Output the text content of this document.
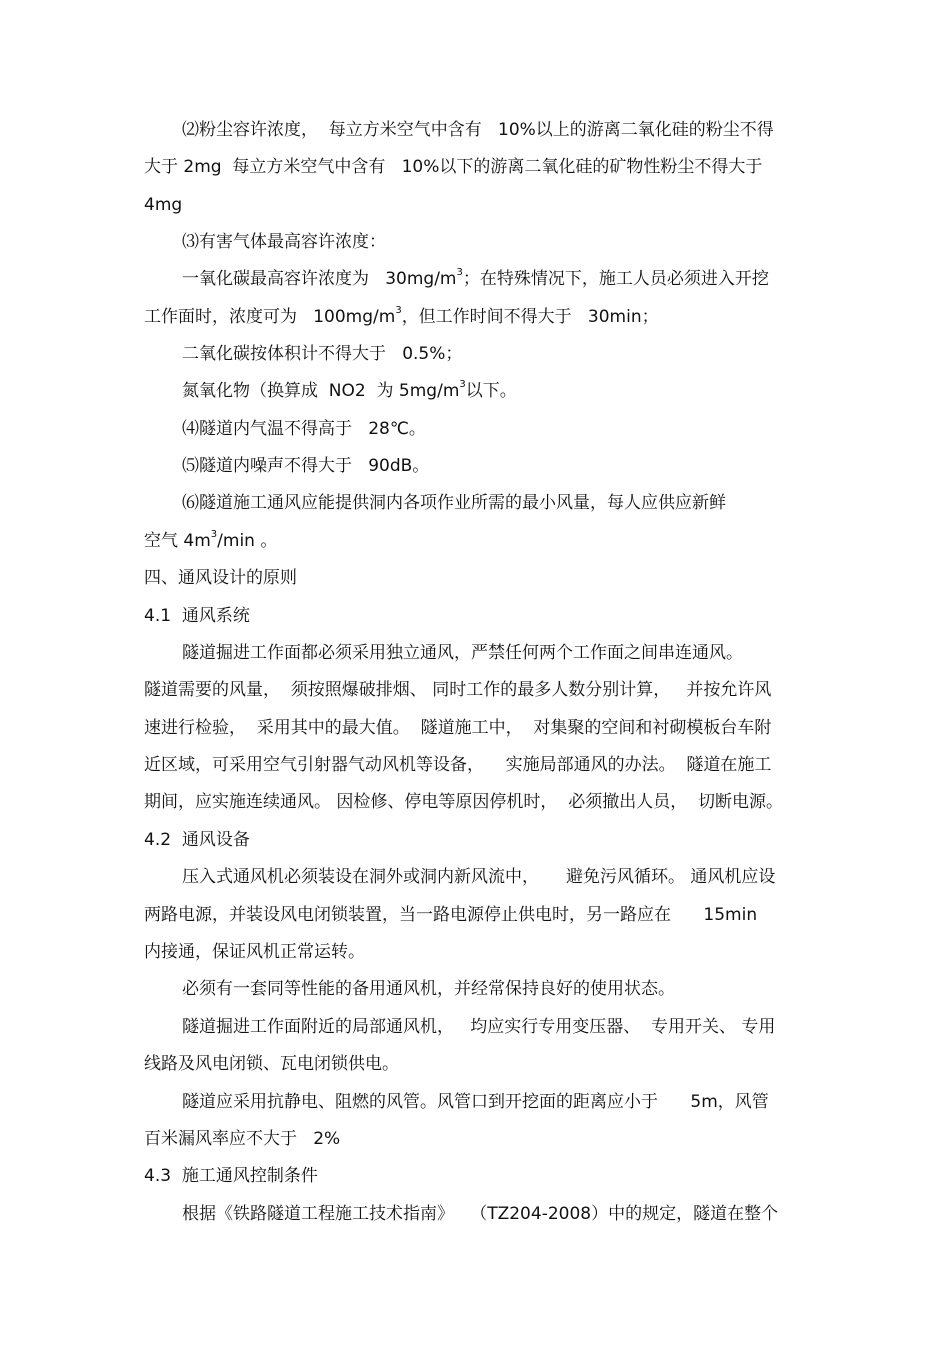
⑵粉尘容许浓度，  每立方米空气中含有   10%以上的游离二氧化硅的粉尘不得
大于 2mg  每立方米空气中含有   10%以下的游离二氧化硅的矿物性粉尘不得大于
4mg
⑶有害气体最高容许浓度：
一氧化碳最高容许浓度为   $30mg/m^3$；在特殊情况下，施工人员必须进入开挖
工作面时，浓度可为   $100mg/m^3$，但工作时间不得大于   30min；
二氧化碳按体积计不得大于   0.5%；
氮氧化物（换算成  NO2  为 $5mg/m^3$以下。
⑷隧道内气温不得高于   28℃。
⑸隧道内噪声不得大于   90dB。
⑹隧道施工通风应能提供洞内各项作业所需的最小风量，每人应供应新鲜
空气 $4m^3/\min$ 。
四、通风设计的原则
4.1  通风系统
隧道掘进工作面都必须采用独立通风，严禁任何两个工作面之间串连通风。
隧道需要的风量，  须按照爆破排烟、 同时工作的最多人数分别计算，   并按允许风
速进行检验，  采用其中的最大值。  隧道施工中，  对集聚的空间和衬砌模板台车附
近区域，可采用空气引射器气动风机等设备，    实施局部通风的办法。  隧道在施工
期间，应实施连续通风。 因检修、停电等原因停机时，  必须撤出人员，  切断电源。
4.2  通风设备
压入式通风机必须装设在洞外或洞内新风流中，     避免污风循环。 通风机应设
两路电源，并装设风电闭锁装置，当一路电源停止供电时，另一路应在      15min
内接通，保证风机正常运转。
必须有一套同等性能的备用通风机，并经常保持良好的使用状态。
隧道掘进工作面附近的局部通风机，   均应实行专用变压器、  专用开关、 专用
线路及风电闭锁、瓦电闭锁供电。
隧道应采用抗静电、阻燃的风管。风管口到开挖面的距离应小于      5m，风管
百米漏风率应不大于   2%
4.3  施工通风控制条件
根据《铁路隧道工程施工技术指南》   （TZ204-2008）中的规定，隧道在整个
